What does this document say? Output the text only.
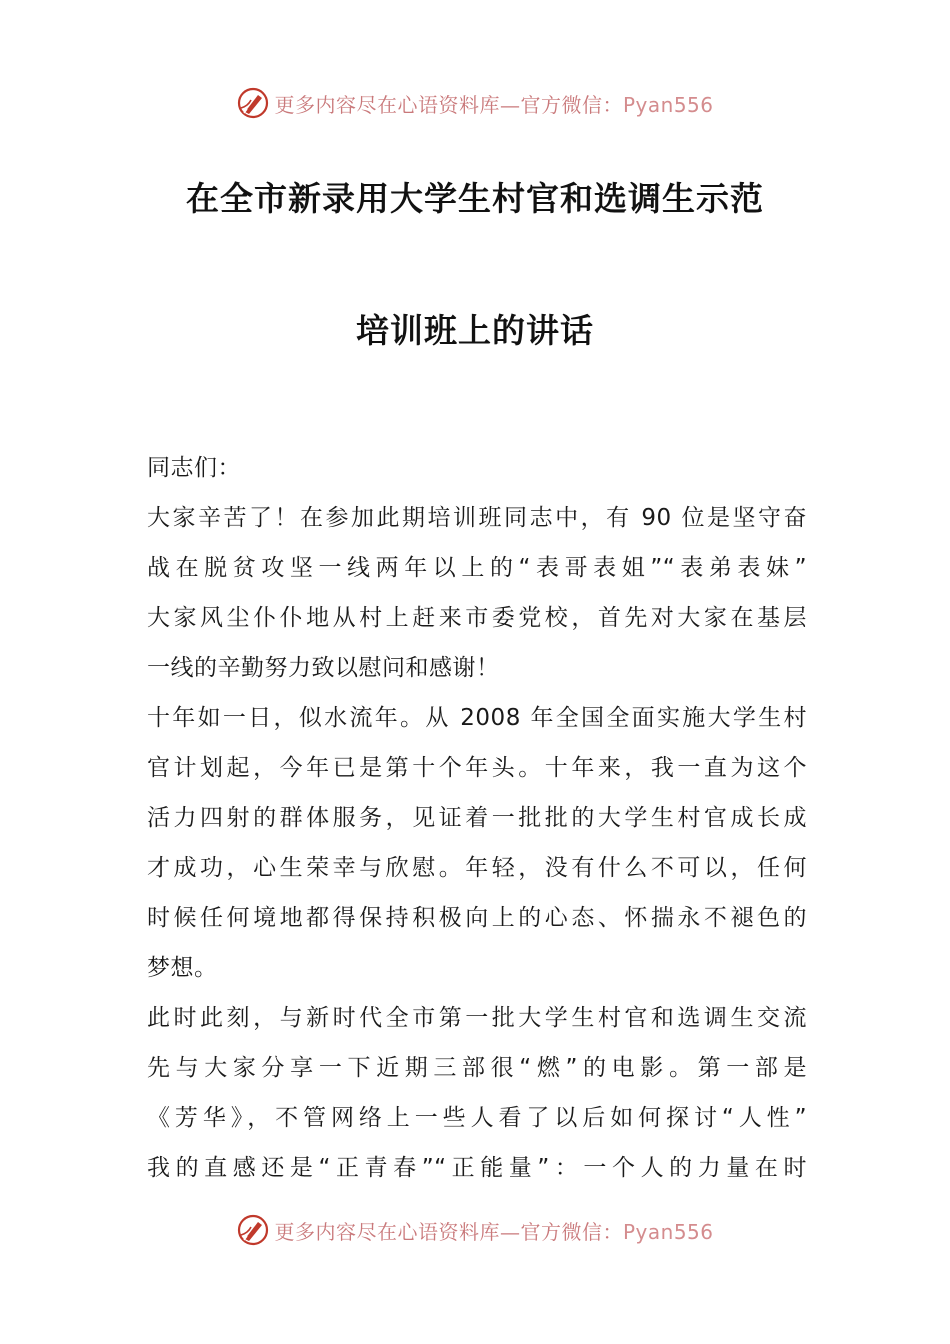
更多内容尽在心语资料库—官方微信：Pyan556
在全市新录用大学生村官和选调生示范
培训班上的讲话
同志们：
大家辛苦了！在参加此期培训班同志中，有 90 位是坚守奋
战在脱贫攻坚一线两年以上的“表哥表姐”“表弟表妹”
大家风尘仆仆地从村上赶来市委党校，首先对大家在基层
一线的辛勤努力致以慰问和感谢！
十年如一日，似水流年。从 2008 年全国全面实施大学生村
官计划起，今年已是第十个年头。十年来，我一直为这个
活力四射的群体服务，见证着一批批的大学生村官成长成
才成功，心生荣幸与欣慰。年轻，没有什么不可以，任何
时候任何境地都得保持积极向上的心态、怀揣永不褪色的
梦想。
此时此刻，与新时代全市第一批大学生村官和选调生交流
先与大家分享一下近期三部很“燃”的电影。第一部是
《芳华》，不管网络上一些人看了以后如何探讨“人性”
我的直感还是“正青春”“正能量”：一个人的力量在时
更多内容尽在心语资料库—官方微信：Pyan556
